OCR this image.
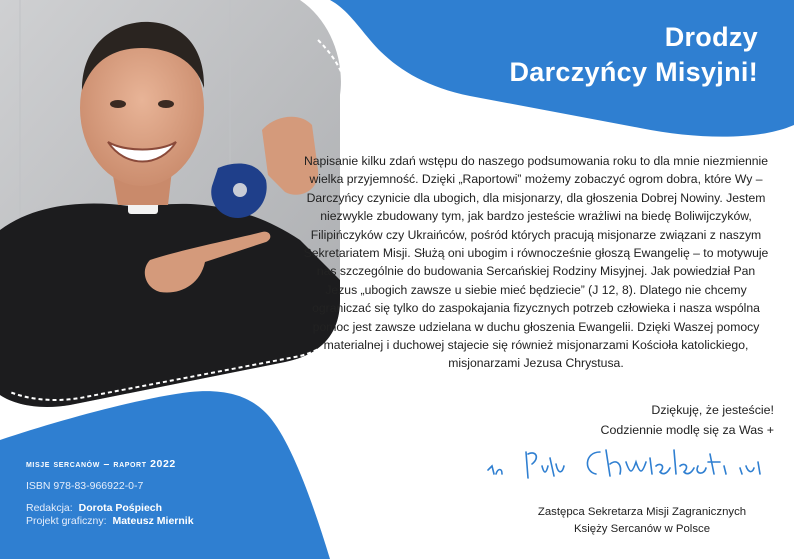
Drodzy
Darczyńcy Misyjni!

Napisanie kilku zdań wstępu do naszego podsumowania roku to dla mnie niezmiennie wielka przyjemność. Dzięki „Raportowi” możemy zobaczyć ogrom dobra, które Wy – Darczyńcy czynicie dla ubogich, dla misjonarzy, dla głoszenia Dobrej Nowiny. Jestem niezwykle zbudowany tym, jak bardzo jesteście wrażliwi na biedę Boliwijczyków, Filipińczyków czy Ukraińców, pośród których pracują misjonarze związani z naszym Sekretariatem Misji. Służą oni ubogim i równocześnie głoszą Ewangelię – to motywuje nas szczególnie do budowania Sercańskiej Rodziny Misyjnej. Jak powiedział Pan Jezus „ubogich zawsze u siebie mieć będziecie” (J 12, 8). Dlatego nie chcemy ograniczać się tylko do zaspokajania fizycznych potrzeb człowieka i nasza wspólna pomoc jest zawsze udzielana w duchu głoszenia Ewangelii. Dzięki Waszej pomocy materialnej i duchowej stajecie się również misjonarzami Kościoła katolickiego, misjonarzami Jezusa Chrystusa.

Dziękuję, że jesteście!
Codziennie modlę się za Was +
Zastępca Sekretarza Misji Zagranicznych
Księży Sercanów w Polsce
misje sercanów – raport 2022
ISBN 978-83-966922-0-7
Redakcja: Dorota Pośpiech
Projekt graficzny: Mateusz Miernik
